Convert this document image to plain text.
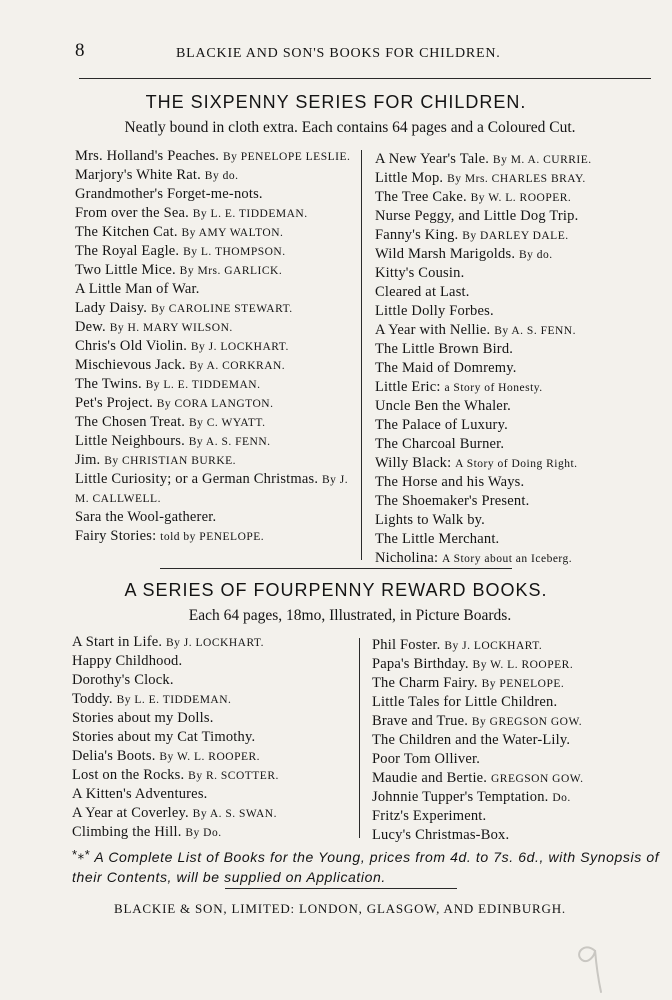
8	BLACKIE AND SON'S BOOKS FOR CHILDREN.
THE SIXPENNY SERIES FOR CHILDREN.
Neatly bound in cloth extra. Each contains 64 pages and a Coloured Cut.
Mrs. Holland's Peaches. By PENELOPE LESLIE.
Marjory's White Rat. By do.
Grandmother's Forget-me-nots.
From over the Sea. By L. E. TIDDEMAN.
The Kitchen Cat. By AMY WALTON.
The Royal Eagle. By L. THOMPSON.
Two Little Mice. By Mrs. GARLICK.
A Little Man of War.
Lady Daisy. By CAROLINE STEWART.
Dew. By H. MARY WILSON.
Chris's Old Violin. By J. LOCKHART.
Mischievous Jack. By A. CORKRAN.
The Twins. By L. E. TIDDEMAN.
Pet's Project. By CORA LANGTON.
The Chosen Treat. By C. WYATT.
Little Neighbours. By A. S. FENN.
Jim. By CHRISTIAN BURKE.
Little Curiosity; or a German Christmas. By J. M. CALLWELL.
Sara the Wool-gatherer.
Fairy Stories: told by PENELOPE.
A New Year's Tale. By M. A. CURRIE.
Little Mop. By Mrs. CHARLES BRAY.
The Tree Cake. By W. L. ROOPER.
Nurse Peggy, and Little Dog Trip.
Fanny's King. By DARLEY DALE.
Wild Marsh Marigolds. By do.
Kitty's Cousin.
Cleared at Last.
Little Dolly Forbes.
A Year with Nellie. By A. S. FENN.
The Little Brown Bird.
The Maid of Domremy.
Little Eric: a Story of Honesty.
Uncle Ben the Whaler.
The Palace of Luxury.
The Charcoal Burner.
Willy Black: A Story of Doing Right.
The Horse and his Ways.
The Shoemaker's Present.
Lights to Walk by.
The Little Merchant.
Nicholina: A Story about an Iceberg.
A SERIES OF FOURPENNY REWARD BOOKS.
Each 64 pages, 18mo, Illustrated, in Picture Boards.
A Start in Life. By J. LOCKHART.
Happy Childhood.
Dorothy's Clock.
Toddy. By L. E. TIDDEMAN.
Stories about my Dolls.
Stories about my Cat Timothy.
Delia's Boots. By W. L. ROOPER.
Lost on the Rocks. By R. SCOTTER.
A Kitten's Adventures.
A Year at Coverley. By A. S. SWAN.
Climbing the Hill. By Do.
Phil Foster. By J. LOCKHART.
Papa's Birthday. By W. L. ROOPER.
The Charm Fairy. By PENELOPE.
Little Tales for Little Children.
Brave and True. By GREGSON GOW.
The Children and the Water-Lily.
Poor Tom Olliver.
Maudie and Bertie. GREGSON GOW.
Johnnie Tupper's Temptation. Do.
Fritz's Experiment.
Lucy's Christmas-Box.
*⁎* A Complete List of Books for the Young, prices from 4d. to 7s. 6d., with Synopsis of their Contents, will be supplied on Application.
BLACKIE & SON, LIMITED: LONDON, GLASGOW, AND EDINBURGH.
